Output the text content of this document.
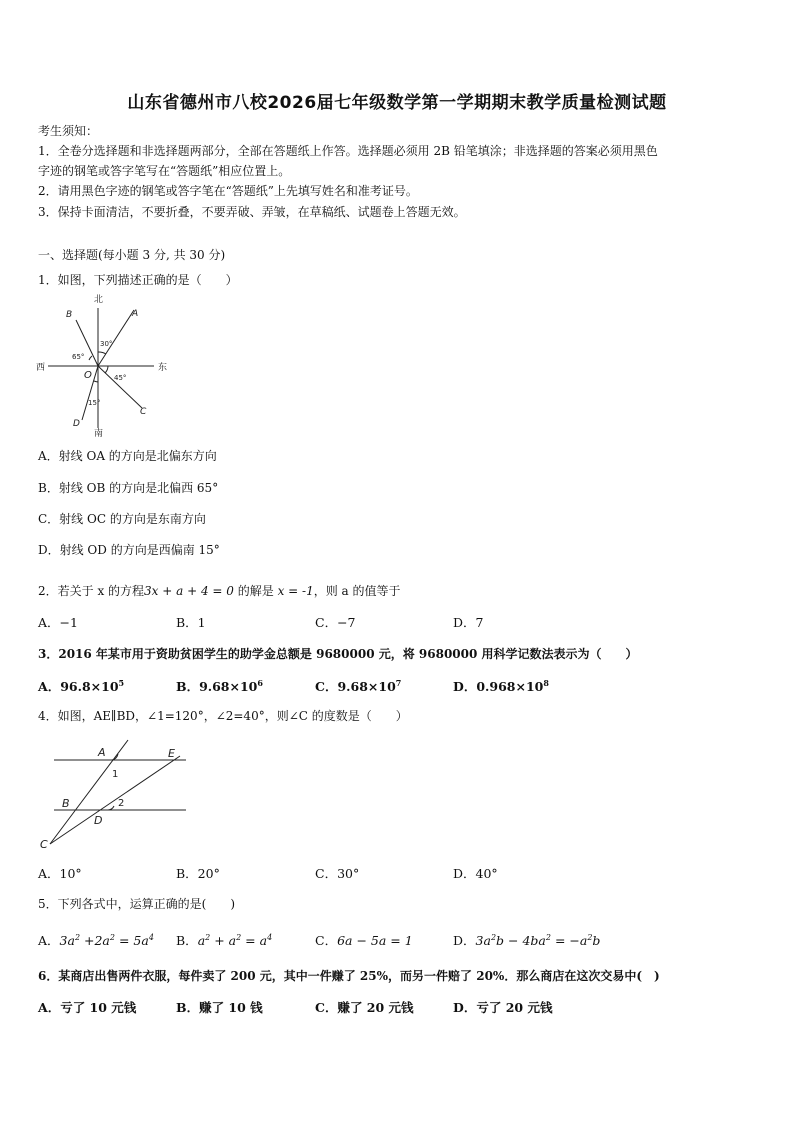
山东省德州市八校2026届七年级数学第一学期期末教学质量检测试题
考生须知：
1．全卷分选择题和非选择题两部分，全部在答题纸上作答。选择题必须用 2B 铅笔填涂；非选择题的答案必须用黑色
字迹的钢笔或答字笔写在“答题纸”相应位置上。
2．请用黑色字迹的钢笔或答字笔在“答题纸”上先填写姓名和准考证号。
3．保持卡面清洁，不要折叠，不要弄破、弄皱，在草稿纸、试题卷上答题无效。
一、选择题(每小题 3 分, 共 30 分)
1．如图，下列描述正确的是（　　）
北
南
西	东
A
B
C
D
O
30°
65°
45°
15°
A．射线 OA 的方向是北偏东方向
B．射线 OB 的方向是北偏西 65°
C．射线 OC 的方向是东南方向
D．射线 OD 的方向是西偏南 15°
2．若关于 x 的方程3x + a + 4 = 0 的解是 x = -1，则 a 的值等于
A．−1	B．1	C．−7	D．7
3．2016 年某市用于资助贫困学生的助学金总额是 9680000 元，将 9680000 用科学记数法表示为（　　）
A．$96.8\times 10^5$	B．$9.68\times 10^6$	C．$9.68\times 10^7$	D．$0.968\times 10^8$
4．如图，AE∥BD，∠1=120°，∠2=40°，则∠C 的度数是（　　）
A	E
B
D
C
1
2
A．10°	B．20°	C．30°	D．40°
5．下列各式中，运算正确的是(　　)
A．$3a^2 +2a^2 = 5a^4$ B．$a^2 + a^2 = a^4$	C．6a − 5a = 1	D．$3a^2b - 4ba^2 = -a^2b$
6．某商店出售两件衣服，每件卖了 200 元，其中一件赚了 25%，而另一件赔了 20%．那么商店在这次交易中(　)
A．亏了 10 元钱	B．赚了 10 钱	C．赚了 20 元钱	D．亏了 20 元钱
